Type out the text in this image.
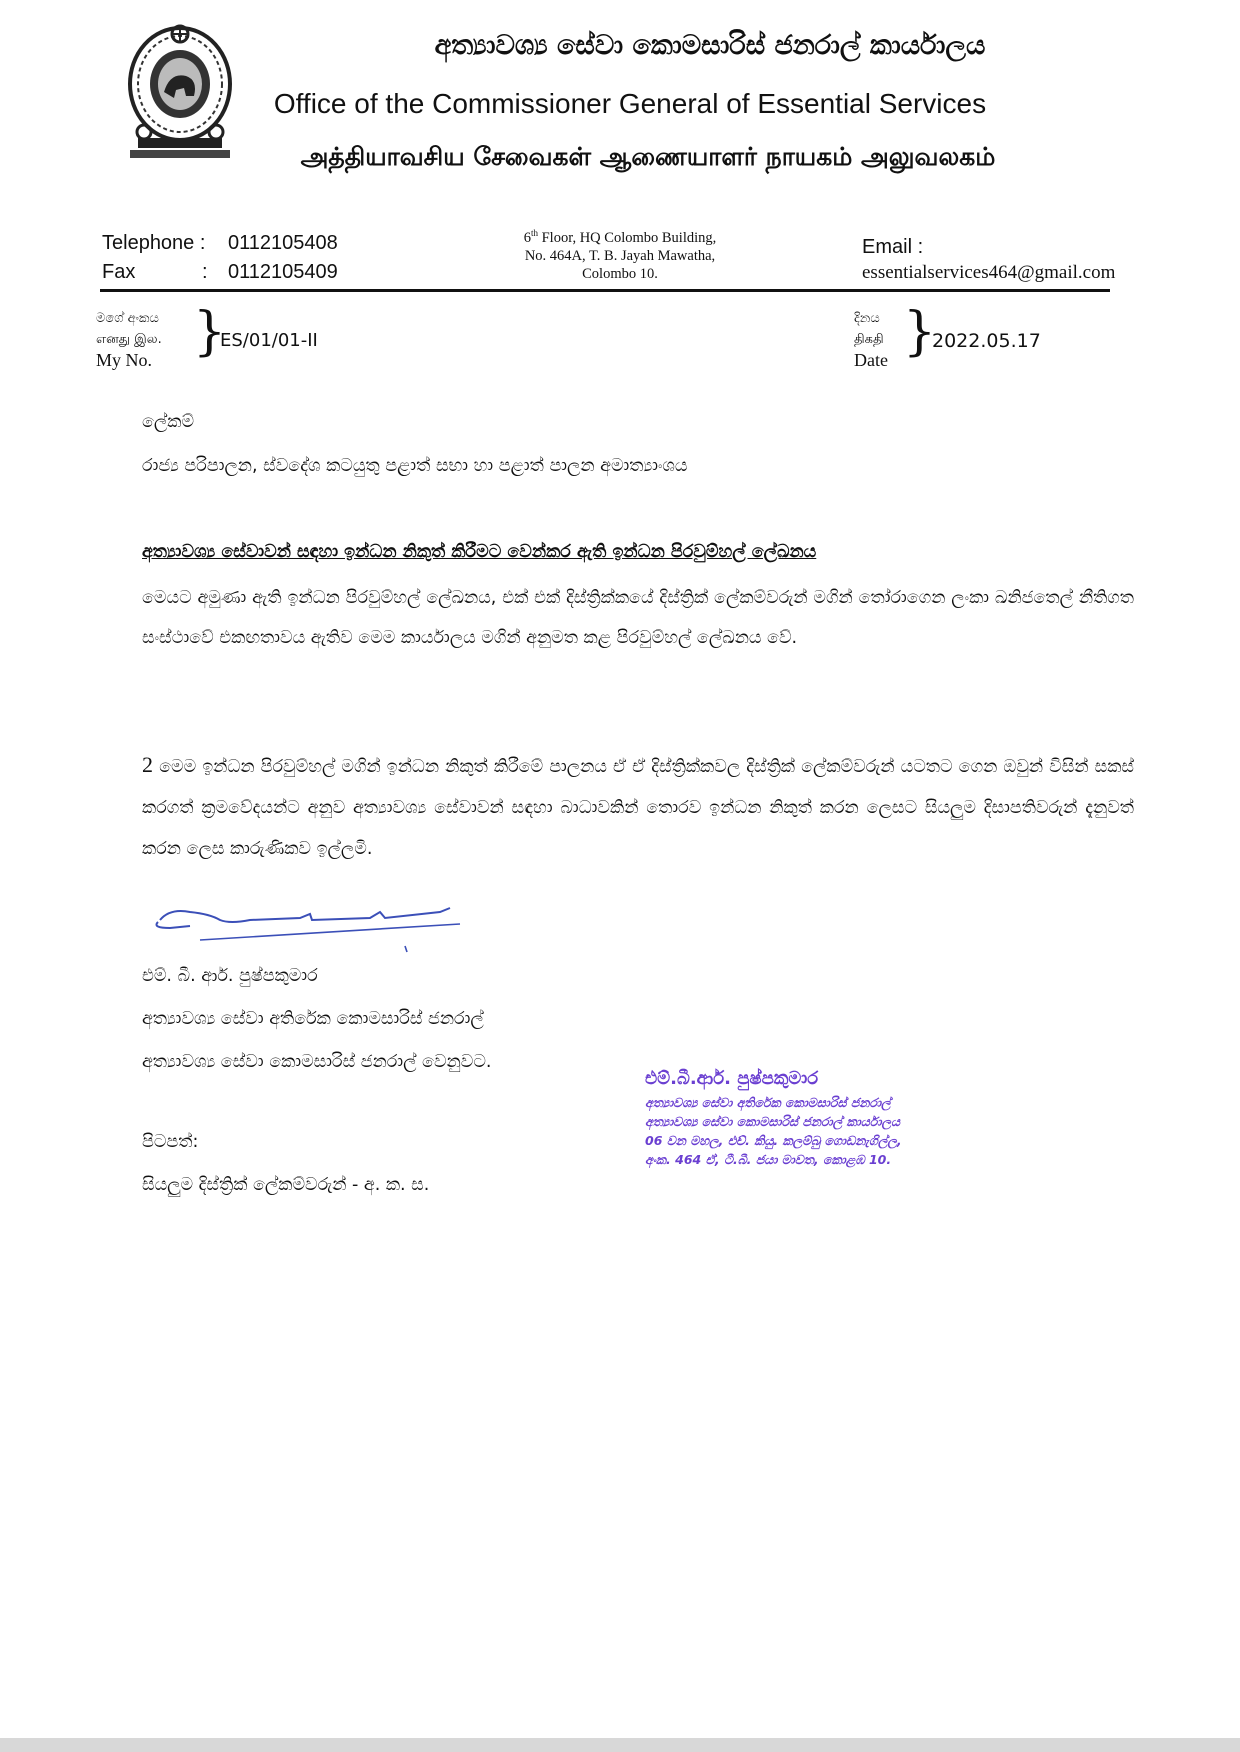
අත්‍යාවශ්‍ය සේවා කොමසාරිස් ජනරාල් කාර්යාලය
Office of the Commissioner General of Essential Services
அத்தியாவசிய சேவைகள் ஆணையாளர் நாயகம் அலுவலகம்
Telephone : 0112105408
Fax	: 0112105409
6th Floor, HQ Colombo Building,
No. 464A, T. B. Jayah Mawatha,
Colombo 10.
Email :
essentialservices464@gmail.com
මගේ අංකය
எனது இல.
My No. }
ES/01/01-II
දිනය
திகதி
Date }
2022.05.17
ලේකම්
රාජ්‍ය පරිපාලන, ස්වදේශ කටයුතු පළාත් සභා හා පළාත් පාලන අමාත්‍යාංශය
අත්‍යාවශ්‍ය සේවාවන් සඳහා ඉන්ධන නිකුත් කිරීමට වෙන්කර ඇති ඉන්ධන පිරවුම්හල් ලේඛනය
මෙයට අමුණා ඇති ඉන්ධන පිරවුම්හල් ලේඛනය, එක් එක් දිස්ත්‍රික්කයේ දිස්ත්‍රික් ලේකම්වරුන් මගින් තෝරාගෙන ලංකා ඛනිජතෙල් නීතිගත සංස්ථාවේ එකඟතාවය ඇතිව මෙම කාර්යාලය මගින් අනුමත කළ පිරවුම්හල් ලේඛනය වේ.
2 මෙම ඉන්ධන පිරවුම්හල් මගින් ඉන්ධන නිකුත් කිරීමේ පාලනය ඒ ඒ දිස්ත්‍රික්කවල දිස්ත්‍රික් ලේකම්වරුන් යටතට ගෙන ඔවුන් විසින් සකස් කරගත් ක්‍රමවේදයන්ට අනුව අත්‍යාවශ්‍ය සේවාවන් සඳහා බාධාවකින් තොරව ඉන්ධන නිකුත් කරන ලෙසට සියලුම දිසාපතිවරුන් දැනුවත් කරන ලෙස කාරුණිකව ඉල්ලමි.
එම්. බී. ආර්. පුෂ්පකුමාර
අත්‍යාවශ්‍ය සේවා අතිරේක කොමසාරිස් ජනරාල්
අත්‍යාවශ්‍ය සේවා කොමසාරිස් ජනරාල් වෙනුවට.
එම්.බී.ආර්. පුෂ්පකුමාර
අත්‍යාවශ්‍ය සේවා අතිරේක කොමසාරිස් ජනරාල්
අත්‍යාවශ්‍ය සේවා කොමසාරිස් ජනරාල් කාර්යාලය
06 වන මහල, එච්. කියු. කලම්බු ගොඩනැගිල්ල,
අංක. 464 ඒ, ටී.බී. ජයා මාවත, කොළඹ 10.
පිටපත්:
සියලුම දිස්ත්‍රික් ලේකම්වරුන් - අ. ක. ස.
